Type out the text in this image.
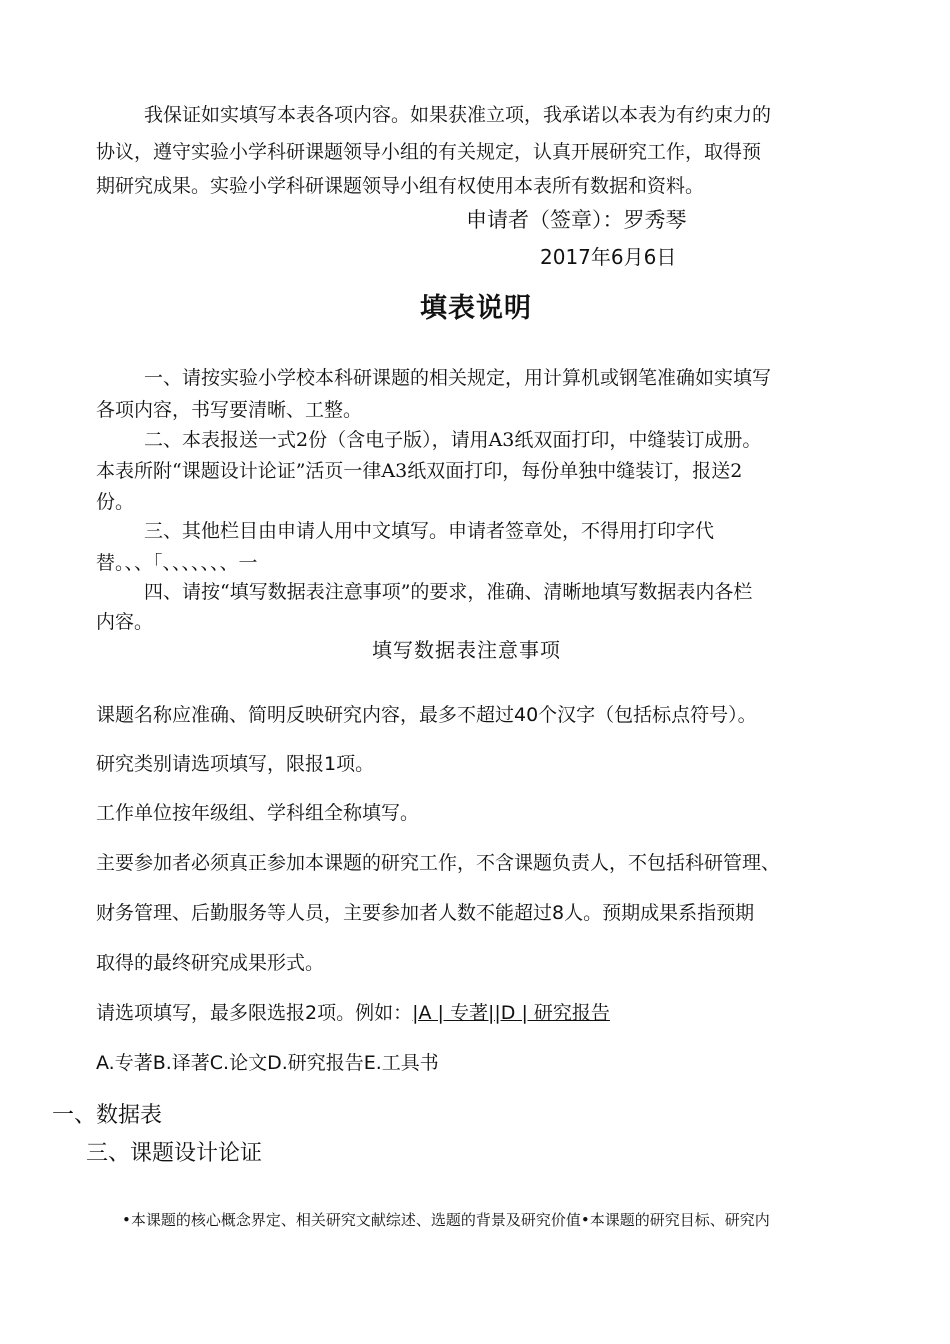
我保证如实填写本表各项内容。如果获准立项，我承诺以本表为有约束力的
协议，遵守实验小学科研课题领导小组的有关规定，认真开展研究工作，取得预
期研究成果。实验小学科研课题领导小组有权使用本表所有数据和资料。
申请者（签章）：罗秀琴
2017年6月6日
填表说明
一、请按实验小学校本科研课题的相关规定，用计算机或钢笔准确如实填写
各项内容，书写要清晰、工整。
二、本表报送一式2份（含电子版），请用A3纸双面打印，中缝装订成册。
本表所附“课题设计论证”活页一律A3纸双面打印，每份单独中缝装订，报送2
份。
三、其他栏目由申请人用中文填写。申请者签章处，不得用打印字代
替。、、「、、、、、、、一
四、请按“填写数据表注意事项”的要求，准确、清晰地填写数据表内各栏
内容。
填写数据表注意事项
课题名称应准确、简明反映研究内容，最多不超过40个汉字（包括标点符号）。
研究类别请选项填写，限报1项。
工作单位按年级组、学科组全称填写。
主要参加者必须真正参加本课题的研究工作，不含课题负责人，不包括科研管理、
财务管理、后勤服务等人员，主要参加者人数不能超过8人。预期成果系指预期
取得的最终研究成果形式。
请选项填写，最多限选报2项。例如：|A | 专著||D | 研究报告
A.专著B.译著C.论文D.研究报告E.工具书
一、数据表
三、课题设计论证
•本课题的核心概念界定、相关研究文献综述、选题的背景及研究价值•本课题的研究目标、研究内
